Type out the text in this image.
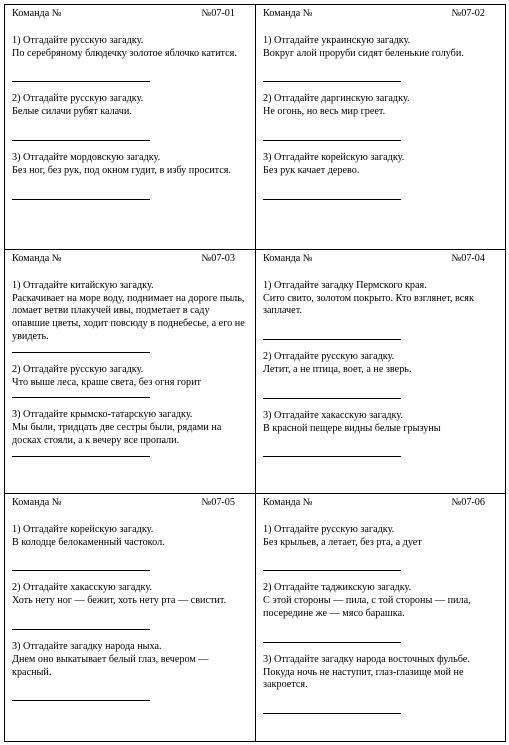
Команда №	№07-01
1) Отгадайте русскую загадку.
По серебряному блюдечку золотое яблочко катится.
2) Отгадайте русскую загадку.
Белые силачи рубят калачи.
3) Отгадайте мордовскую загадку.
Без ног, без рук, под окном гудит, в избу просится.
Команда №	№07-02
1) Отгадайте украинскую загадку.
Вокруг алой проруби сидят беленькие голуби.
2) Отгадайте даргинскую загадку.
Не огонь, но весь мир греет.
3) Отгадайте корейскую загадку.
Без рук качает дерево.
Команда №	№07-03
1) Отгадайте китайскую загадку.
Раскачивает на море воду, поднимает на дороге пыль, ломает ветви плакучей ивы, подметает в саду опавшие цветы, ходит повсюду в поднебесье, а его не увидеть.
2) Отгадайте русскую загадку.
Что выше леса, краше света, без огня горит
3) Отгадайте крымско-татарскую загадку.
Мы были, тридцать две сестры были, рядами на досках стояли, а к вечеру все пропали.
Команда №	№07-04
1) Отгадайте загадку Пермского края.
Сито свито, золотом покрыто. Кто взглянет, всяк заплачет.
2) Отгадайте русскую загадку.
Летит, а не птица, воет, а не зверь.
3) Отгадайте хакасскую загадку.
В красной пещере видны белые грызуны
Команда №	№07-05
1) Отгадайте корейскую загадку.
В колодце белокаменный частокол.
2) Отгадайте хакасскую загадку.
Хоть нету ног — бежит, хоть нету рта — свистит.
3) Отгадайте загадку народа ныха.
Днем оно выкатывает белый глаз, вечером — красный.
Команда №	№07-06
1) Отгадайте русскую загадку.
Без крыльев, а летает, без рта, а дует
2) Отгадайте таджикскую загадку.
С этой стороны — пила, с той стороны — пила, посередине же — мясо барашка.
3) Отгадайте загадку народа восточных фульбе.
Покуда ночь не наступит, глаз-глазище мой не закроется.
